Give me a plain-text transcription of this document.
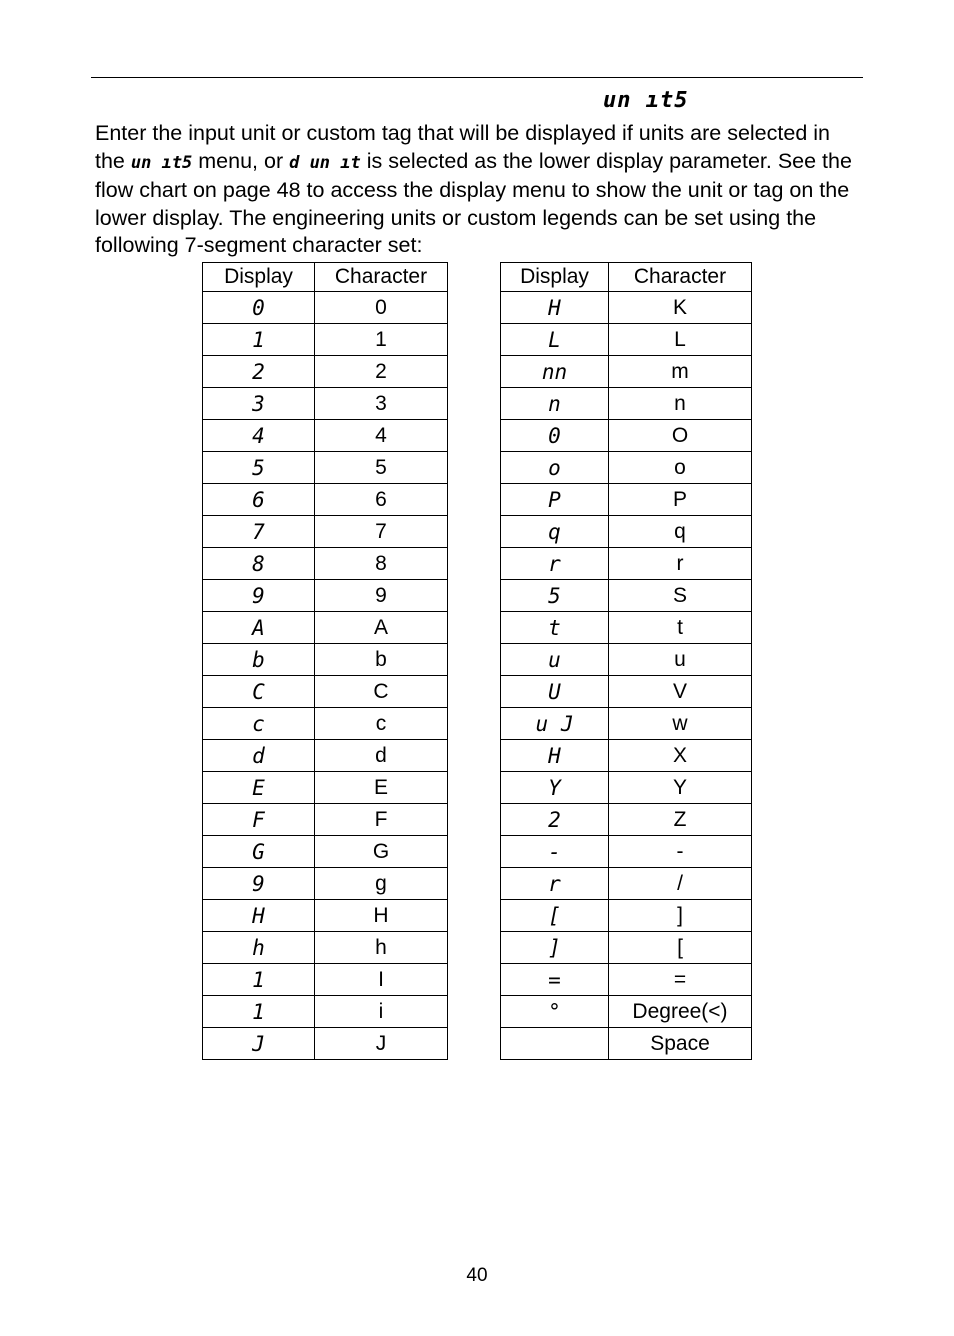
un ıt5

Enter the input unit or custom tag that will be displayed if units are selected in the un ıt5 menu, or d un ıt is selected as the lower display parameter. See the flow chart on page 48 to access the display menu to show the unit or tag on the lower display. The engineering units or custom legends can be set using the following 7-segment character set:

Display	Character
0	0
1	1
2	2
3	3
4	4
5	5
6	6
7	7
8	8
9	9
A	A
b	b
C	C
c	c
d	d
E	E
F	F
G	G
9	g
H	H
h	h
1	I
1	i
J	J
Display	Character
H	K
L	L
nn	m
n	n
0	O
o	o
P	P
q	q
r	r
5	S
t	t
u	u
U	V
u J	w
H	X
Y	Y
2	Z
-	-
r	/
[	]
]	[
=	=
°	Degree(<)
	Space
40
